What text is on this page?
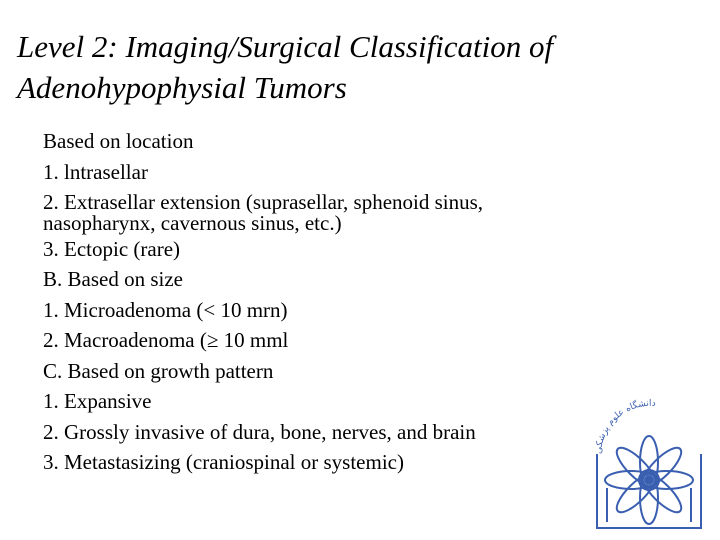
Level 2: Imaging/Surgical Classification of
Adenohypophysial Tumors
Based on location
1. lntrasellar
2. Extrasellar extension (suprasellar, sphenoid sinus,
nasopharynx, cavernous sinus, etc.)
3. Ectopic (rare)
B. Based on size
1. Microadenoma (< 10 mrn)
2. Macroadenoma (≥ 10 mml
C. Based on growth pattern
1. Expansive
2. Grossly invasive of dura, bone, nerves, and brain
3. Metastasizing (craniospinal or systemic)	دانشگاه علوم پزشکی
